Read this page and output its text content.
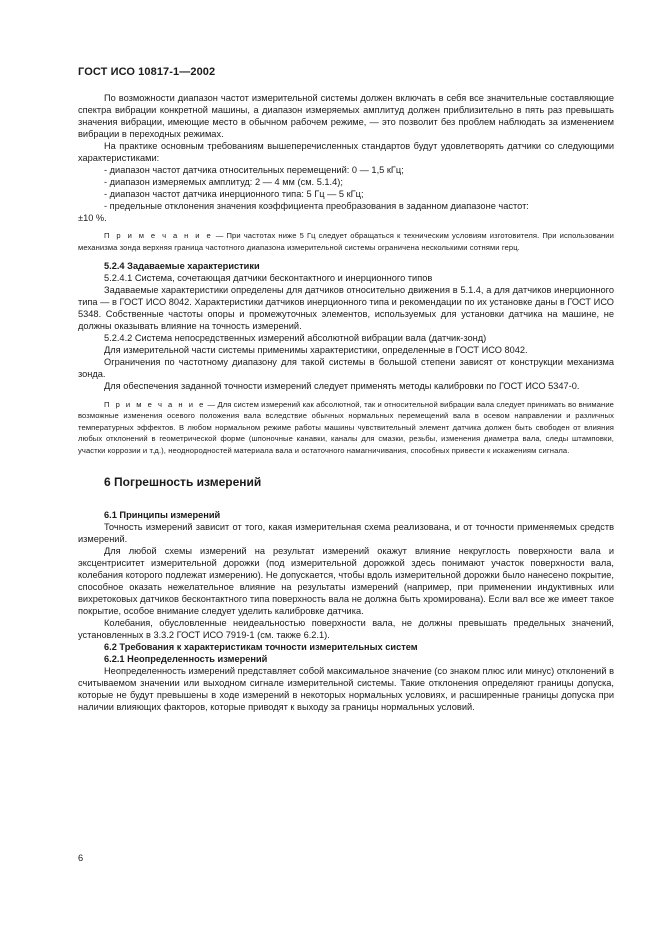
ГОСТ ИСО 10817-1—2002

По возможности диапазон частот измерительной системы должен включать в себя все значительные составляющие спектра вибрации конкретной машины, а диапазон измеряемых амплитуд должен приблизительно в пять раз превышать значения вибрации, имеющие место в обычном рабочем режиме, — это позволит без проблем наблюдать за изменением вибрации в переходных режимах.

На практике основным требованиям вышеперечисленных стандартов будут удовлетворять датчики со следующими характеристиками:

- диапазон частот датчика относительных перемещений: 0 — 1,5 кГц;

- диапазон измеряемых амплитуд: 2 — 4 мм (см. 5.1.4);

- диапазон частот датчика инерционного типа: 5 Гц — 5 кГц;

- предельные отклонения значения коэффициента преобразования в заданном диапазоне частот:

±10 %.

П р и м е ч а н и е — При частотах ниже 5 Гц следует обращаться к техническим условиям изготовителя. При использовании механизма зонда верхняя граница частотного диапазона измерительной системы ограничена несколькими сотнями герц.

5.2.4 Задаваемые характеристики

5.2.4.1 Система, сочетающая датчики бесконтактного и инерционного типов

Задаваемые характеристики определены для датчиков относительно движения в 5.1.4, а для датчиков инерционного типа — в ГОСТ ИСО 8042. Характеристики датчиков инерционного типа и рекомендации по их установке даны в ГОСТ ИСО 5348. Собственные частоты опоры и промежуточных элементов, используемых для установки датчика на машине, не должны оказывать влияние на точность измерений.

5.2.4.2 Система непосредственных измерений абсолютной вибрации вала (датчик-зонд)

Для измерительной части системы применимы характеристики, определенные в ГОСТ ИСО 8042.

Ограничения по частотному диапазону для такой системы в большой степени зависят от конструкции механизма зонда.

Для обеспечения заданной точности измерений следует применять методы калибровки по ГОСТ ИСО 5347-0.

П р и м е ч а н и е — Для систем измерений как абсолютной, так и относительной вибрации вала следует принимать во внимание возможные изменения осевого положения вала вследствие обычных нормальных перемещений вала в осевом направлении и различных температурных эффектов. В любом нормальном режиме работы машины чувствительный элемент датчика должен быть свободен от влияния любых отклонений в геометрической форме (шпоночные канавки, каналы для смазки, резьбы, изменения диаметра вала, следы штамповки, участки коррозии и т.д.), неоднородностей материала вала и остаточного намагничивания, способных привести к искажениям сигнала.

6 Погрешность измерений

6.1 Принципы измерений

Точность измерений зависит от того, какая измерительная схема реализована, и от точности применяемых средств измерений.

Для любой схемы измерений на результат измерений окажут влияние некруглость поверхности вала и эксцентриситет измерительной дорожки (под измерительной дорожкой здесь понимают участок поверхности вала, колебания которого подлежат измерению). Не допускается, чтобы вдоль измерительной дорожки было нанесено покрытие, способное оказать нежелательное влияние на результаты измерений (например, при применении индуктивных или вихретоковых датчиков бесконтактного типа поверхность вала не должна быть хромирована). Если вал все же имеет такое покрытие, особое внимание следует уделить калибровке датчика.

Колебания, обусловленные неидеальностью поверхности вала, не должны превышать предельных значений, установленных в 3.3.2 ГОСТ ИСО 7919-1 (см. также 6.2.1).

6.2 Требования к характеристикам точности измерительных систем

6.2.1 Неопределенность измерений

Неопределенность измерений представляет собой максимальное значение (со знаком плюс или минус) отклонений в считываемом значении или выходном сигнале измерительной системы. Такие отклонения определяют границы допуска, которые не будут превышены в ходе измерений в некоторых нормальных условиях, и расширенные границы допуска при наличии влияющих факторов, которые приводят к выходу за границы нормальных условий.

6
